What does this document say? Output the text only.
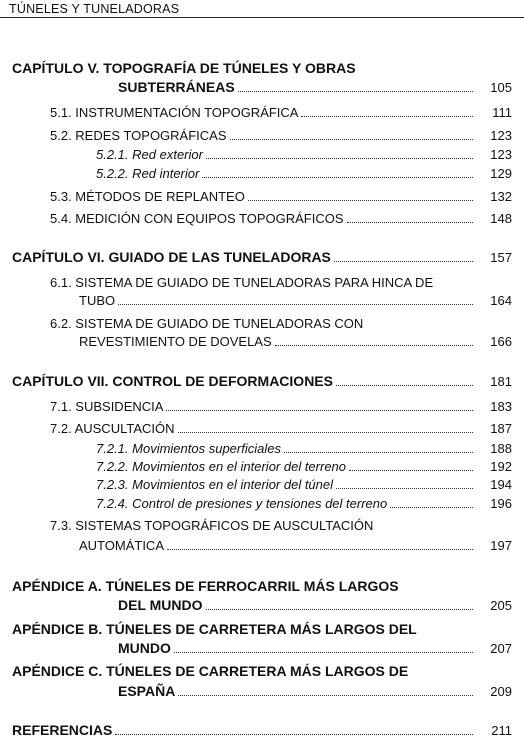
TÚNELES Y TUNELADORAS
CAPÍTULO V. TOPOGRAFÍA DE TÚNELES Y OBRAS
SUBTERRÁNEAS	105
5.1. INSTRUMENTACIÓN TOPOGRÁFICA	111
5.2. REDES TOPOGRÁFICAS	123
5.2.1. Red exterior	123
5.2.2. Red interior	129
5.3. MÉTODOS DE REPLANTEO	132
5.4. MEDICIÓN CON EQUIPOS TOPOGRÁFICOS	148
CAPÍTULO VI. GUIADO DE LAS TUNELADORAS	157
6.1. SISTEMA DE GUIADO DE TUNELADORAS PARA HINCA DE
TUBO	164
6.2. SISTEMA DE GUIADO DE TUNELADORAS CON
REVESTIMIENTO DE DOVELAS	166
CAPÍTULO VII. CONTROL DE DEFORMACIONES	181
7.1. SUBSIDENCIA	183
7.2. AUSCULTACIÓN	187
7.2.1. Movimientos superficiales	188
7.2.2. Movimientos en el interior del terreno	192
7.2.3. Movimientos en el interior del túnel	194
7.2.4. Control de presiones y tensiones del terreno	196
7.3. SISTEMAS TOPOGRÁFICOS DE AUSCULTACIÓN
AUTOMÁTICA	197
APÉNDICE A. TÚNELES DE FERROCARRIL MÁS LARGOS
DEL MUNDO	205
APÉNDICE B. TÚNELES DE CARRETERA MÁS LARGOS DEL
MUNDO	207
APÉNDICE C. TÚNELES DE CARRETERA MÁS LARGOS DE
ESPAÑA	209
REFERENCIAS	211
